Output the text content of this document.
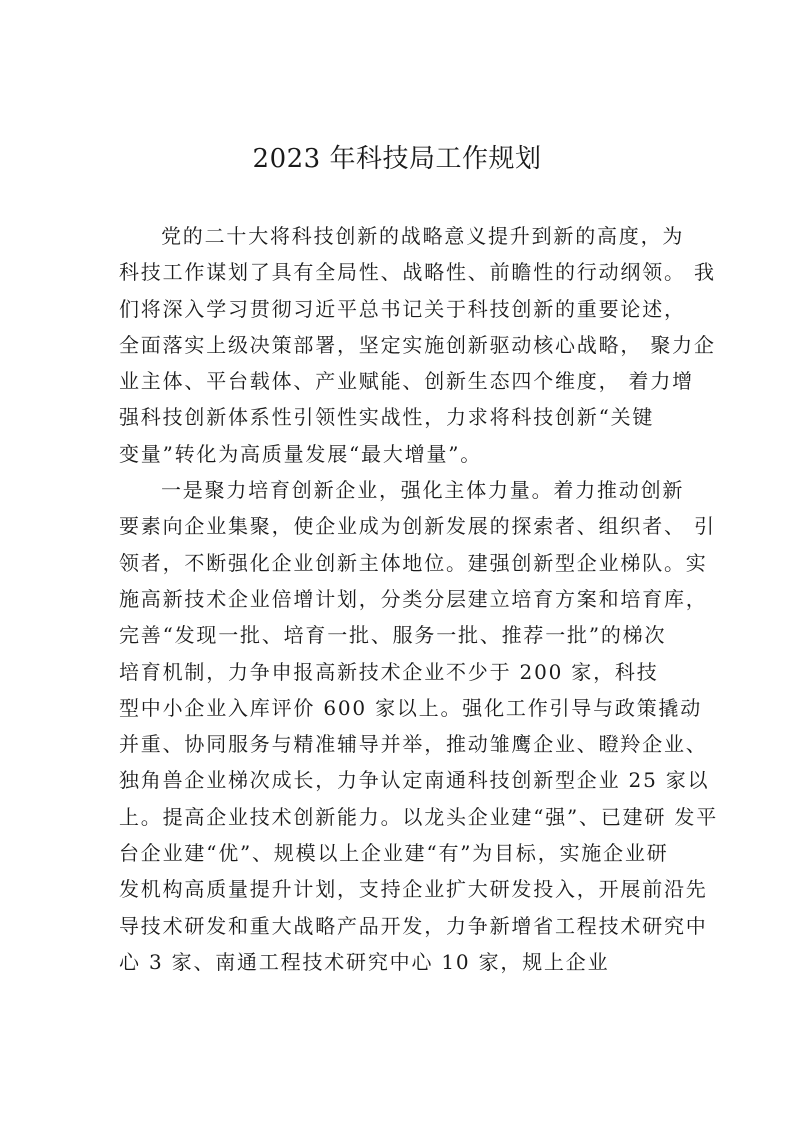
2023 年科技局工作规划
党的二十大将科技创新的战略意义提升到新的高度，为
科技工作谋划了具有全局性、战略性、前瞻性的行动纲领。 我
们将深入学习贯彻习近平总书记关于科技创新的重要论述，
全面落实上级决策部署，坚定实施创新驱动核心战略， 聚力企
业主体、平台载体、产业赋能、创新生态四个维度， 着力增
强科技创新体系性引领性实战性，力求将科技创新“关键
变量”转化为高质量发展“最大增量”。
一是聚力培育创新企业，强化主体力量。着力推动创新
要素向企业集聚，使企业成为创新发展的探索者、组织者、 引
领者，不断强化企业创新主体地位。建强创新型企业梯队。实
施高新技术企业倍增计划，分类分层建立培育方案和培育库，
完善“发现一批、培育一批、服务一批、推荐一批”的梯次
培育机制，力争申报高新技术企业不少于 200 家，科技
型中小企业入库评价 600 家以上。强化工作引导与政策撬动
并重、协同服务与精准辅导并举，推动雏鹰企业、瞪羚企业、
独角兽企业梯次成长，力争认定南通科技创新型企业 25 家以
上。提高企业技术创新能力。以龙头企业建“强”、已建研 发平
台企业建“优”、规模以上企业建“有”为目标，实施企业研
发机构高质量提升计划，支持企业扩大研发投入，开展前沿先
导技术研发和重大战略产品开发，力争新增省工程技术研究中
心 3 家、南通工程技术研究中心 10 家，规上企业
